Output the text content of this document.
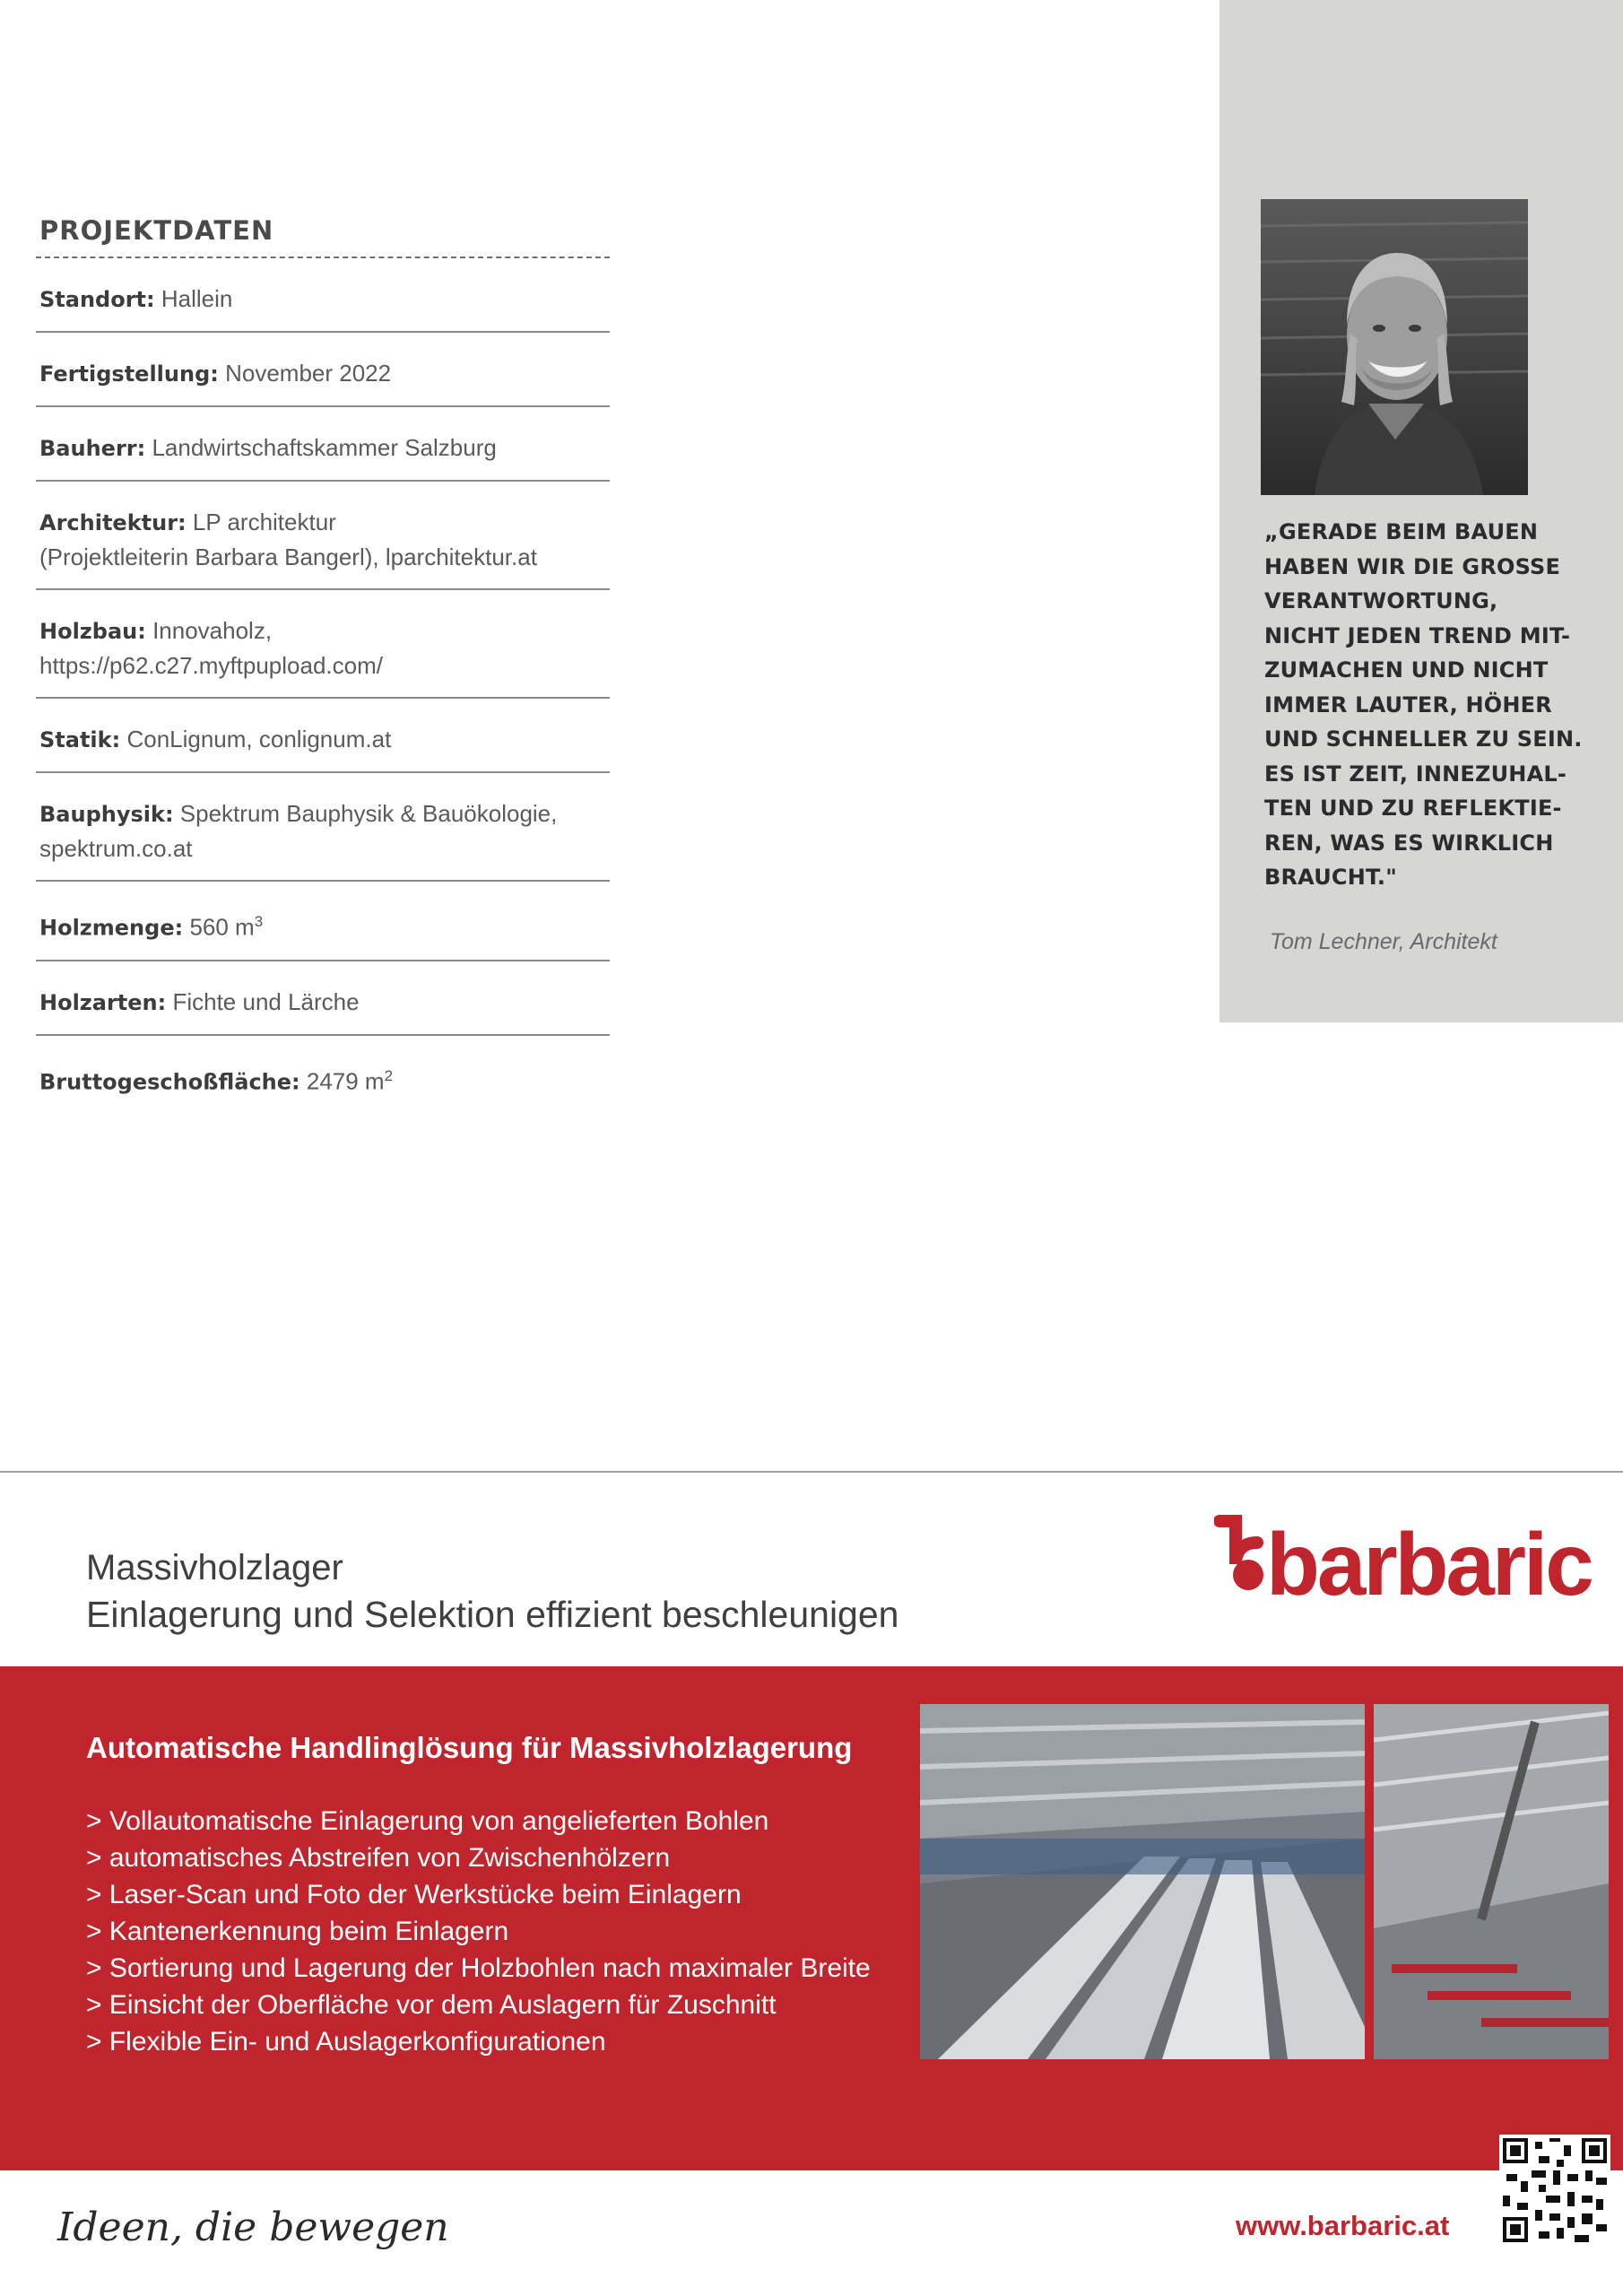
PROJEKTDATEN
Standort: Hallein
Fertigstellung: November 2022
Bauherr: Landwirtschaftskammer Salzburg
Architektur: LP architektur
(Projektleiterin Barbara Bangerl), lparchitektur.at
Holzbau: Innovaholz,
https://p62.c27.myftpupload.com/
Statik: ConLignum, conlignum.at
Bauphysik: Spektrum Bauphysik & Bauökologie,
spektrum.co.at
Holzmenge: 560 $m^3$
Holzarten: Fichte und Lärche
Bruttogeschoßfläche: 2479 $m^2$
„GERADE BEIM BAUEN
HABEN WIR DIE GROSSE
VERANTWORTUNG,
NICHT JEDEN TREND MIT-
ZUMACHEN UND NICHT
IMMER LAUTER, HÖHER
UND SCHNELLER ZU SEIN.
ES IST ZEIT, INNEZUHAL-
TEN UND ZU REFLEKTIE-
REN, WAS ES WIRKLICH
BRAUCHT."
Tom Lechner, Architekt
Massivholzlager
Einlagerung und Selektion effizient beschleunigen
barbaric
Automatische Handlinglösung für Massivholzlagerung
> Vollautomatische Einlagerung von angelieferten Bohlen
> automatisches Abstreifen von Zwischenhölzern
> Laser-Scan und Foto der Werkstücke beim Einlagern
> Kantenerkennung beim Einlagern
> Sortierung und Lagerung der Holzbohlen nach maximaler Breite
> Einsicht der Oberfläche vor dem Auslagern für Zuschnitt
> Flexible Ein- und Auslagerkonfigurationen
Ideen, die bewegen.	www.barbaric.at
